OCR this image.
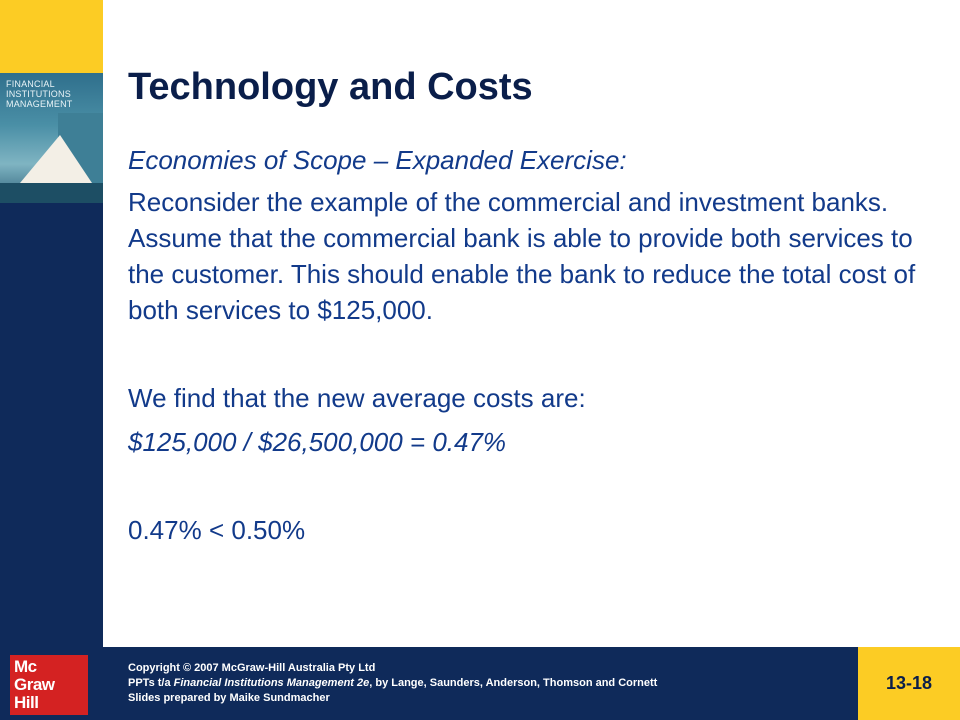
FINANCIAL
INSTITUTIONS
MANAGEMENT Technology and Costs

Economies of Scope – Expanded Exercise:

Reconsider the example of the commercial and investment banks. Assume that the commercial bank is able to provide both services to the customer. This should enable the bank to reduce the total cost of both services to $125,000.

We find that the new average costs are:

$125,000 / $26,500,000 = 0.47%

0.47% < 0.50%

Mc
Graw
Hill
Copyright © 2007 McGraw-Hill Australia Pty Ltd
PPTs t/a Financial Institutions Management 2e, by Lange, Saunders, Anderson, Thomson and Cornett
Slides prepared by Maike Sundmacher
13-18
